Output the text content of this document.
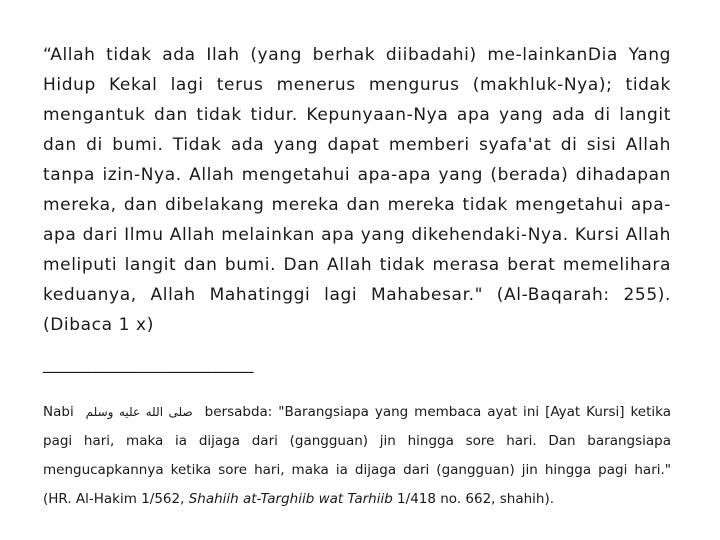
“Allah tidak ada Ilah (yang berhak diibadahi) me-lainkanDia Yang Hidup Kekal lagi terus menerus mengurus (makhluk-Nya); tidak mengantuk dan tidak tidur. Kepunyaan-Nya apa yang ada di langit dan di bumi. Tidak ada yang dapat memberi syafa'at di sisi Allah tanpa izin-Nya. Allah mengetahui apa-apa yang (berada) dihadapan mereka, dan dibelakang mereka dan mereka tidak mengetahui apa-apa dari Ilmu Allah melainkan apa yang dikehendaki-Nya. Kursi Allah meliputi langit dan bumi. Dan Allah tidak merasa berat memelihara keduanya, Allah Mahatinggi lagi Mahabesar." (Al-Baqarah: 255). (Dibaca 1 x)

____________________________

Nabi صلى الله عليه وسلم bersabda: "Barangsiapa yang membaca ayat ini [Ayat Kursi] ketika pagi hari, maka ia dijaga dari (gangguan) jin hingga sore hari. Dan barangsiapa mengucapkannya ketika sore hari, maka ia dijaga dari (gangguan) jin hingga pagi hari." (HR. Al-Hakim 1/562, Shahiih at-Targhiib wat Tarhiib 1/418 no. 662, shahih).
